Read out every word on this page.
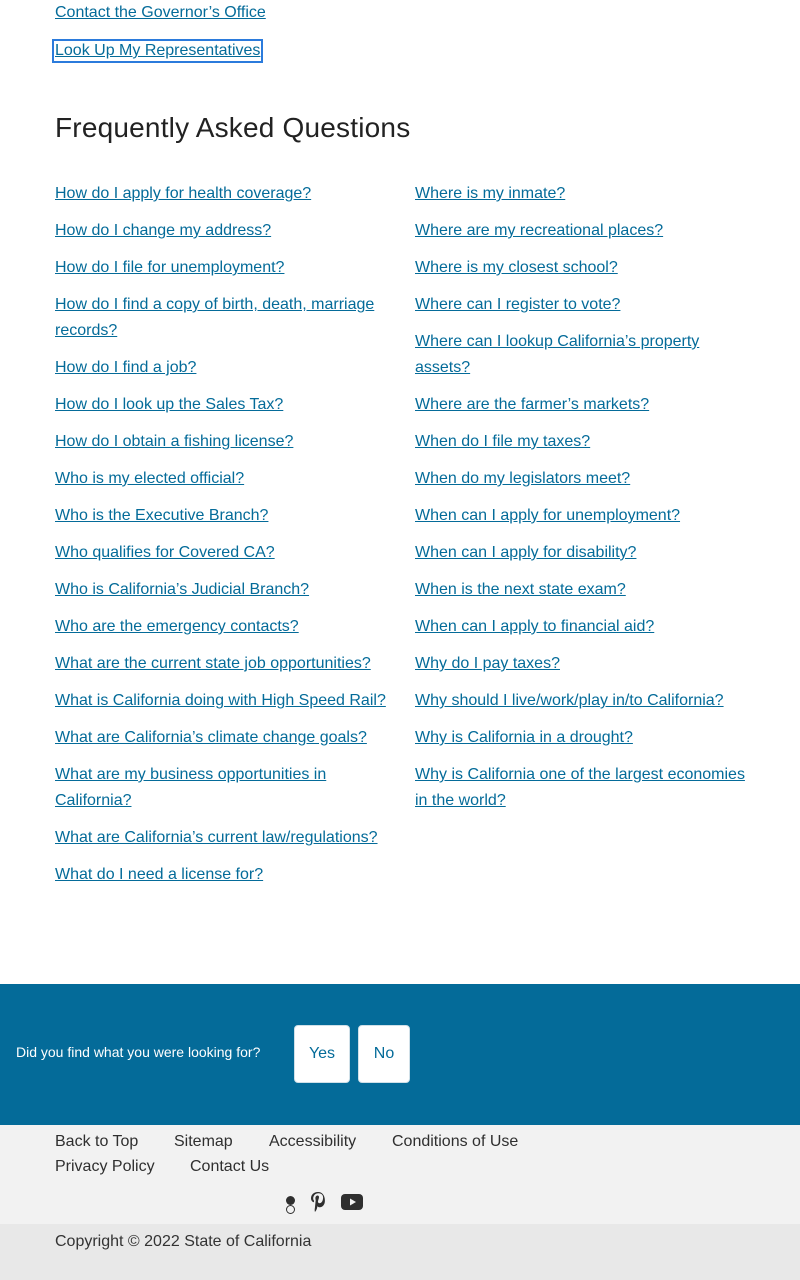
Contact the Governor’s Office
Look Up My Representatives
Frequently Asked Questions
How do I apply for health coverage?
How do I change my address?
How do I file for unemployment?
How do I find a copy of birth, death, marriage records?
How do I find a job?
How do I look up the Sales Tax?
How do I obtain a fishing license?
Who is my elected official?
Who is the Executive Branch?
Who qualifies for Covered CA?
Who is California’s Judicial Branch?
Who are the emergency contacts?
What are the current state job opportunities?
What is California doing with High Speed Rail?
What are California’s climate change goals?
What are my business opportunities in California?
What are California’s current law/regulations?
What do I need a license for?
Where is my inmate?
Where are my recreational places?
Where is my closest school?
Where can I register to vote?
Where can I lookup California’s property assets?
Where are the farmer’s markets?
When do I file my taxes?
When do my legislators meet?
When can I apply for unemployment?
When can I apply for disability?
When is the next state exam?
When can I apply to financial aid?
Why do I pay taxes?
Why should I live/work/play in/to California?
Why is California in a drought?
Why is California one of the largest economies in the world?
Did you find what you were looking for?	Yes	No
Back to Top Sitemap Accessibility Conditions of Use
Privacy Policy Contact Us
Copyright © 2022 State of California
